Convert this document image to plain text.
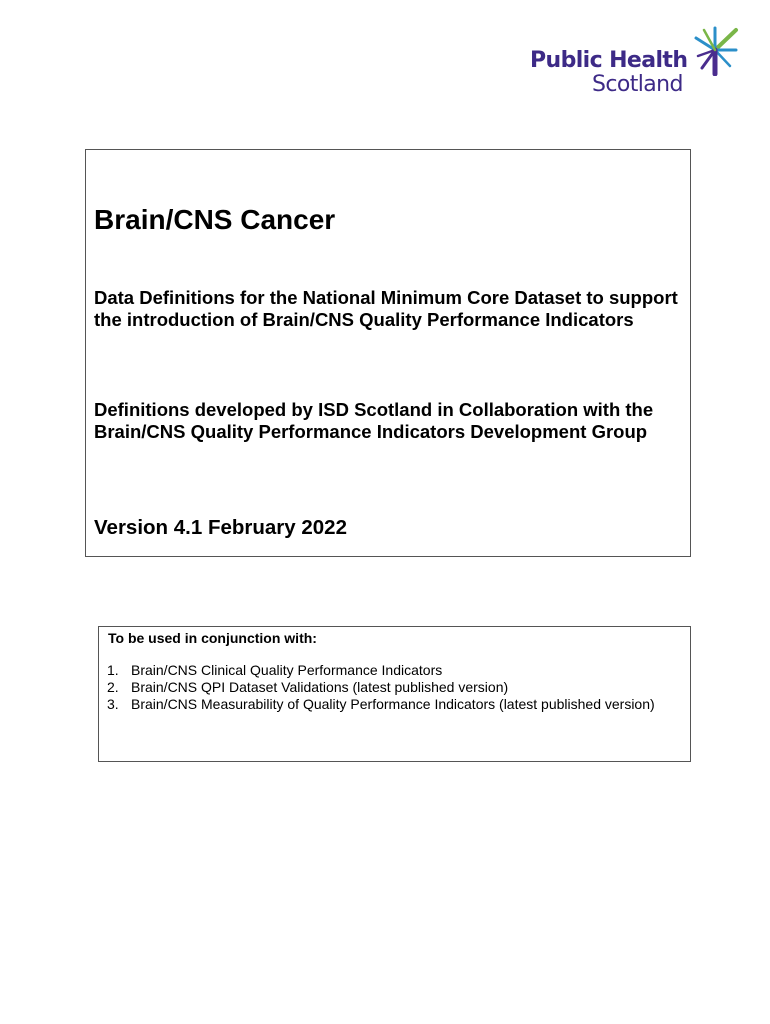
Public Health
Scotland
Brain/CNS Cancer

Data Definitions for the National Minimum Core Dataset to support the introduction of Brain/CNS Quality Performance Indicators

Definitions developed by ISD Scotland in Collaboration with the Brain/CNS Quality Performance Indicators Development Group

Version 4.1 February 2022

To be used in conjunction with:

1. Brain/CNS Clinical Quality Performance Indicators
2. Brain/CNS QPI Dataset Validations (latest published version)
3. Brain/CNS Measurability of Quality Performance Indicators (latest published version)
